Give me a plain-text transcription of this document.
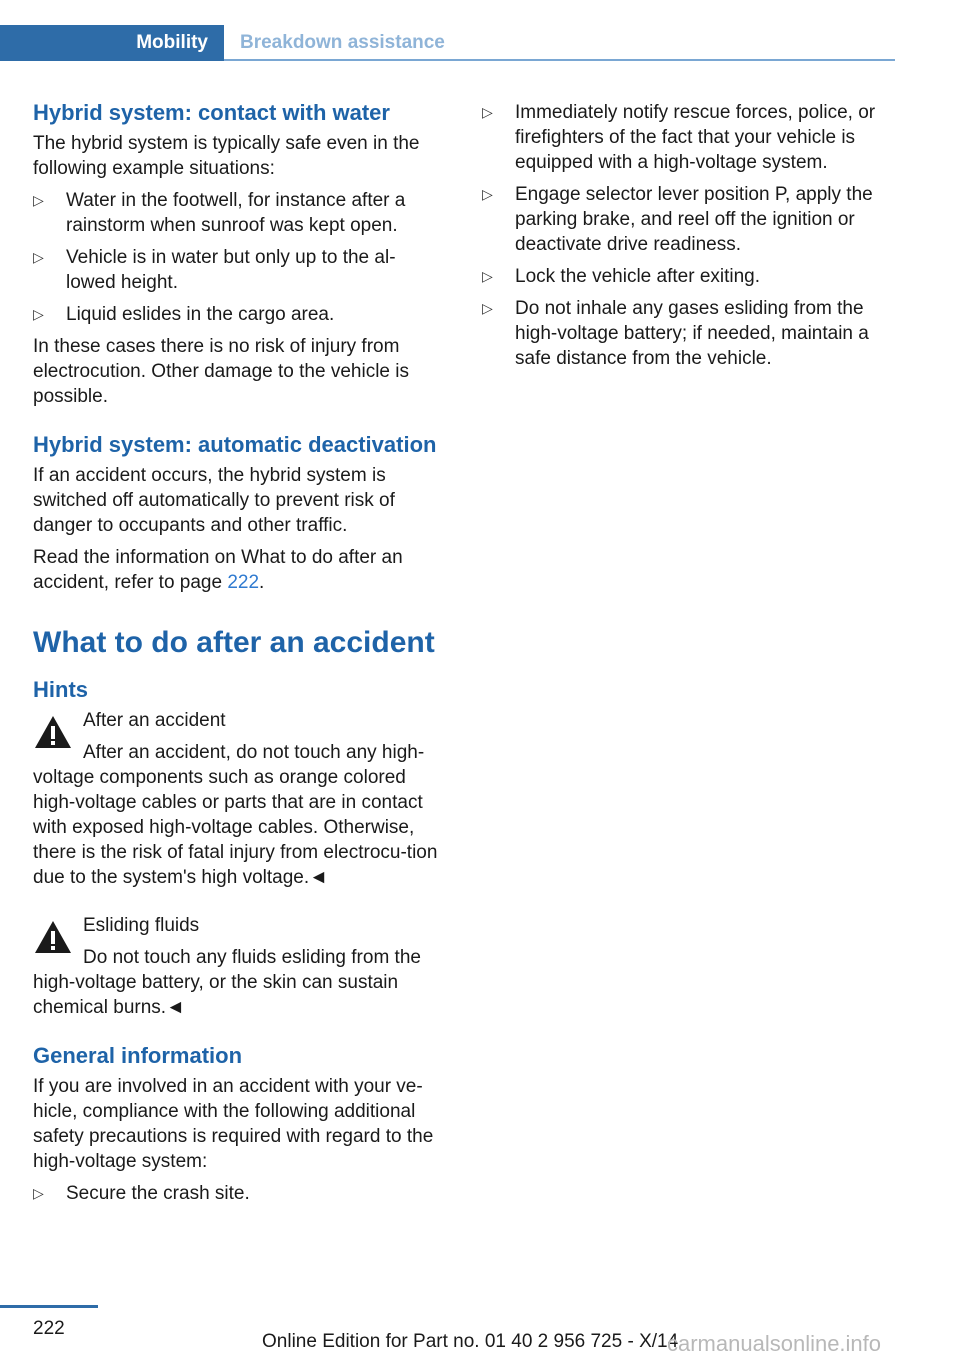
Mobility	Breakdown assistance
Hybrid system: contact with water

The hybrid system is typically safe even in the following example situations:

▷	Water in the footwell, for instance after a rainstorm when sunroof was kept open.
▷	Vehicle is in water but only up to the al‐lowed height.
▷	Liquid eslides in the cargo area.

In these cases there is no risk of injury from electrocution. Other damage to the vehicle is possible.

Hybrid system: automatic deactivation

If an accident occurs, the hybrid system is switched off automatically to prevent risk of danger to occupants and other traffic.

Read the information on What to do after an accident, refer to page 222.

What to do after an accident
Hints
After an accident

After an accident, do not touch any high-voltage components such as orange colored high-voltage cables or parts that are in contact with exposed high-voltage cables. Otherwise, there is the risk of fatal injury from electrocu‐tion due to the system's high voltage.◄

Esliding fluids

Do not touch any fluids esliding from the high-voltage battery, or the skin can sustain chemical burns.◄

General information

If you are involved in an accident with your ve‐hicle, compliance with the following additional safety precautions is required with regard to the high-voltage system:

▷	Secure the crash site.
▷	Immediately notify rescue forces, police, or firefighters of the fact that your vehicle is equipped with a high-voltage system.
▷	Engage selector lever position P, apply the parking brake, and reel off the ignition or deactivate drive readiness.
▷	Lock the vehicle after exiting.
▷	Do not inhale any gases esliding from the high-voltage battery; if needed, maintain a safe distance from the vehicle.
222
Online Edition for Part no. 01 40 2 956 725 - X/14
carmanualsonline.info
